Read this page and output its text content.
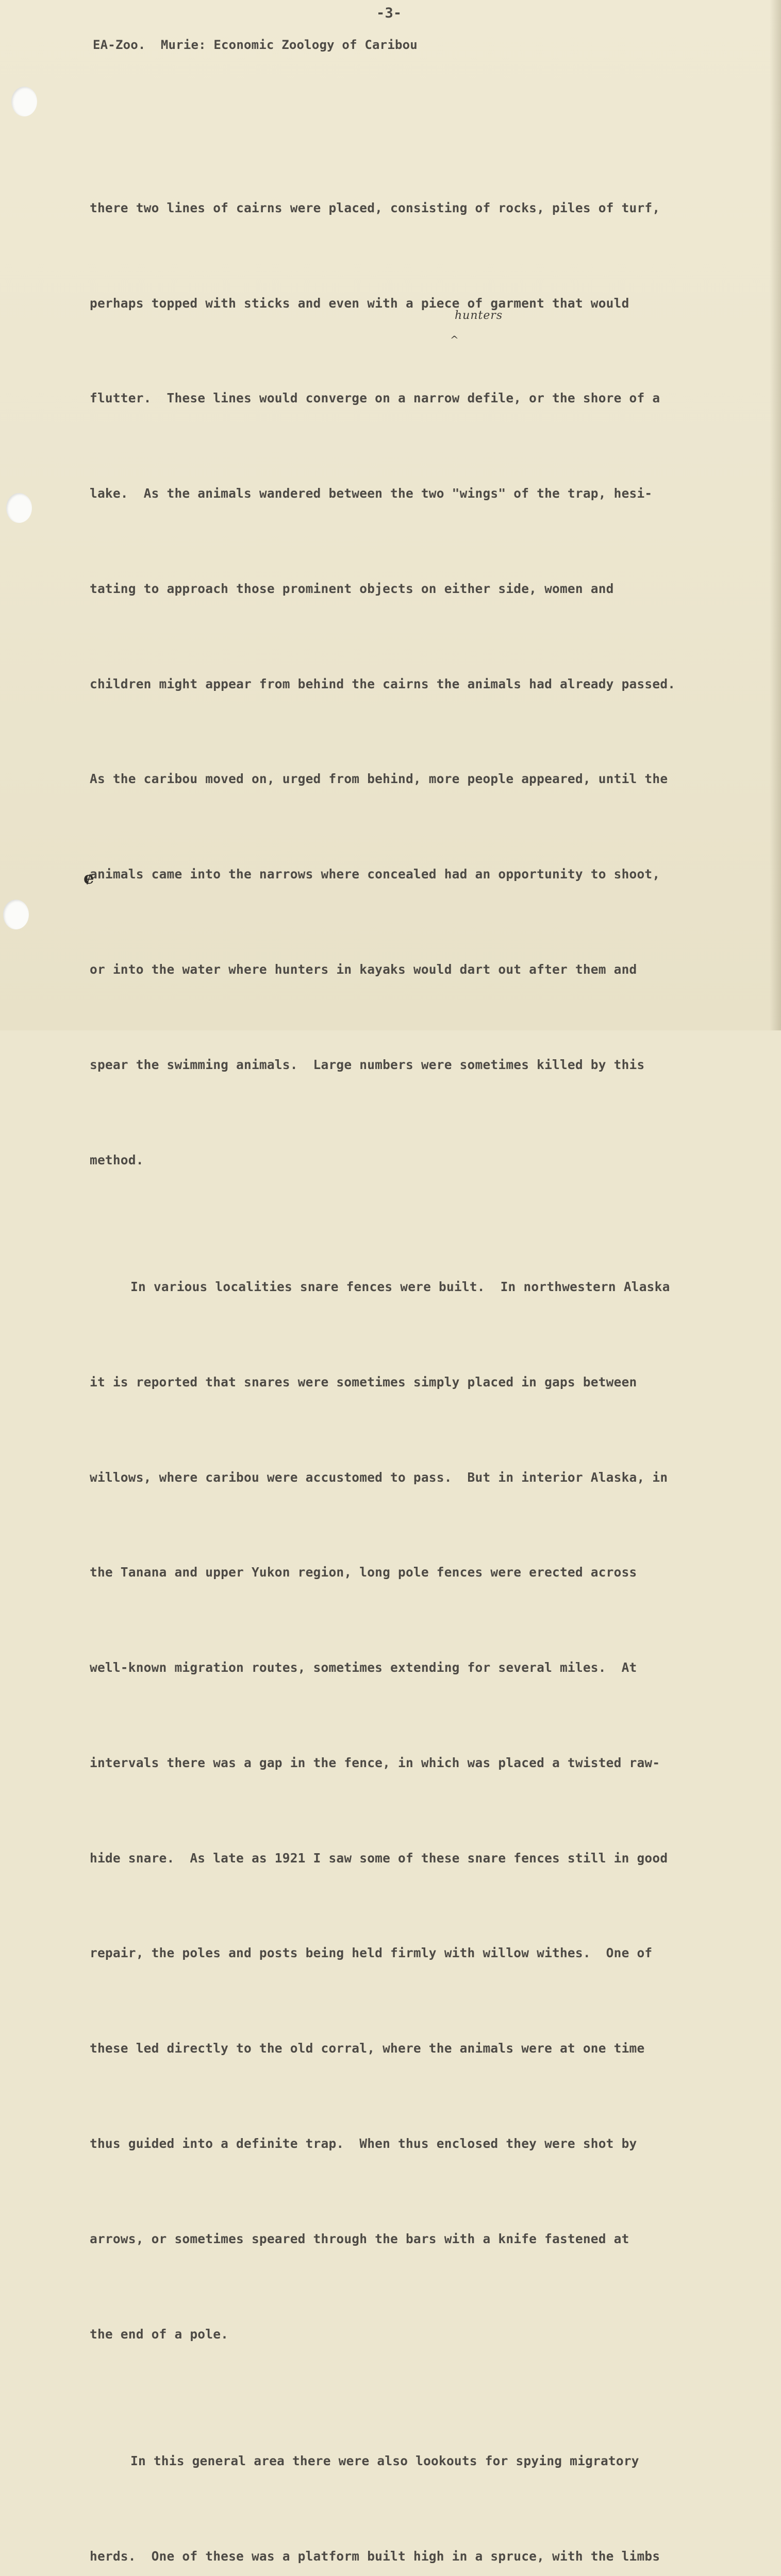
-3-
EA-Zoo.  Murie: Economic Zoology of Caribou

there two lines of cairns were placed, consisting of rocks, piles of turf,

perhaps topped with sticks and even with a piece of garment that would

flutter.  These lines would converge on a narrow defile, or the shore of a

lake.  As the animals wandered between the two "wings" of the trap, hesi-

tating to approach those prominent objects on either side, women and

children might appear from behind the cairns the animals had already passed.

As the caribou moved on, urged from behind, more people appeared, until the

animals came into the narrows where concealed had an opportunity to shoot,

or into the water where hunters in kayaks would dart out after them and

spear the swimming animals.  Large numbers were sometimes killed by this

method.

In various localities snare fences were built.  In northwestern Alaska

it is reported that snares were sometimes simply placed in gaps between

willows, where caribou were accustomed to pass.  But in interior Alaska, in

the Tanana and upper Yukon region, long pole fences were erected across

well-known migration routes, sometimes extending for several miles.  At

intervals there was a gap in the fence, in which was placed a twisted raw-

hide snare.  As late as 1921 I saw some of these snare fences still in good

repair, the poles and posts being held firmly with willow withes.  One of

these led directly to the old corral, where the animals were at one time

thus guided into a definite trap.  When thus enclosed they were shot by

arrows, or sometimes speared through the bars with a knife fastened at

the end of a pole.

In this general area there were also lookouts for spying migratory

herds.  One of these was a platform built high in a spruce, with the limbs

hunters
^
ɇ
